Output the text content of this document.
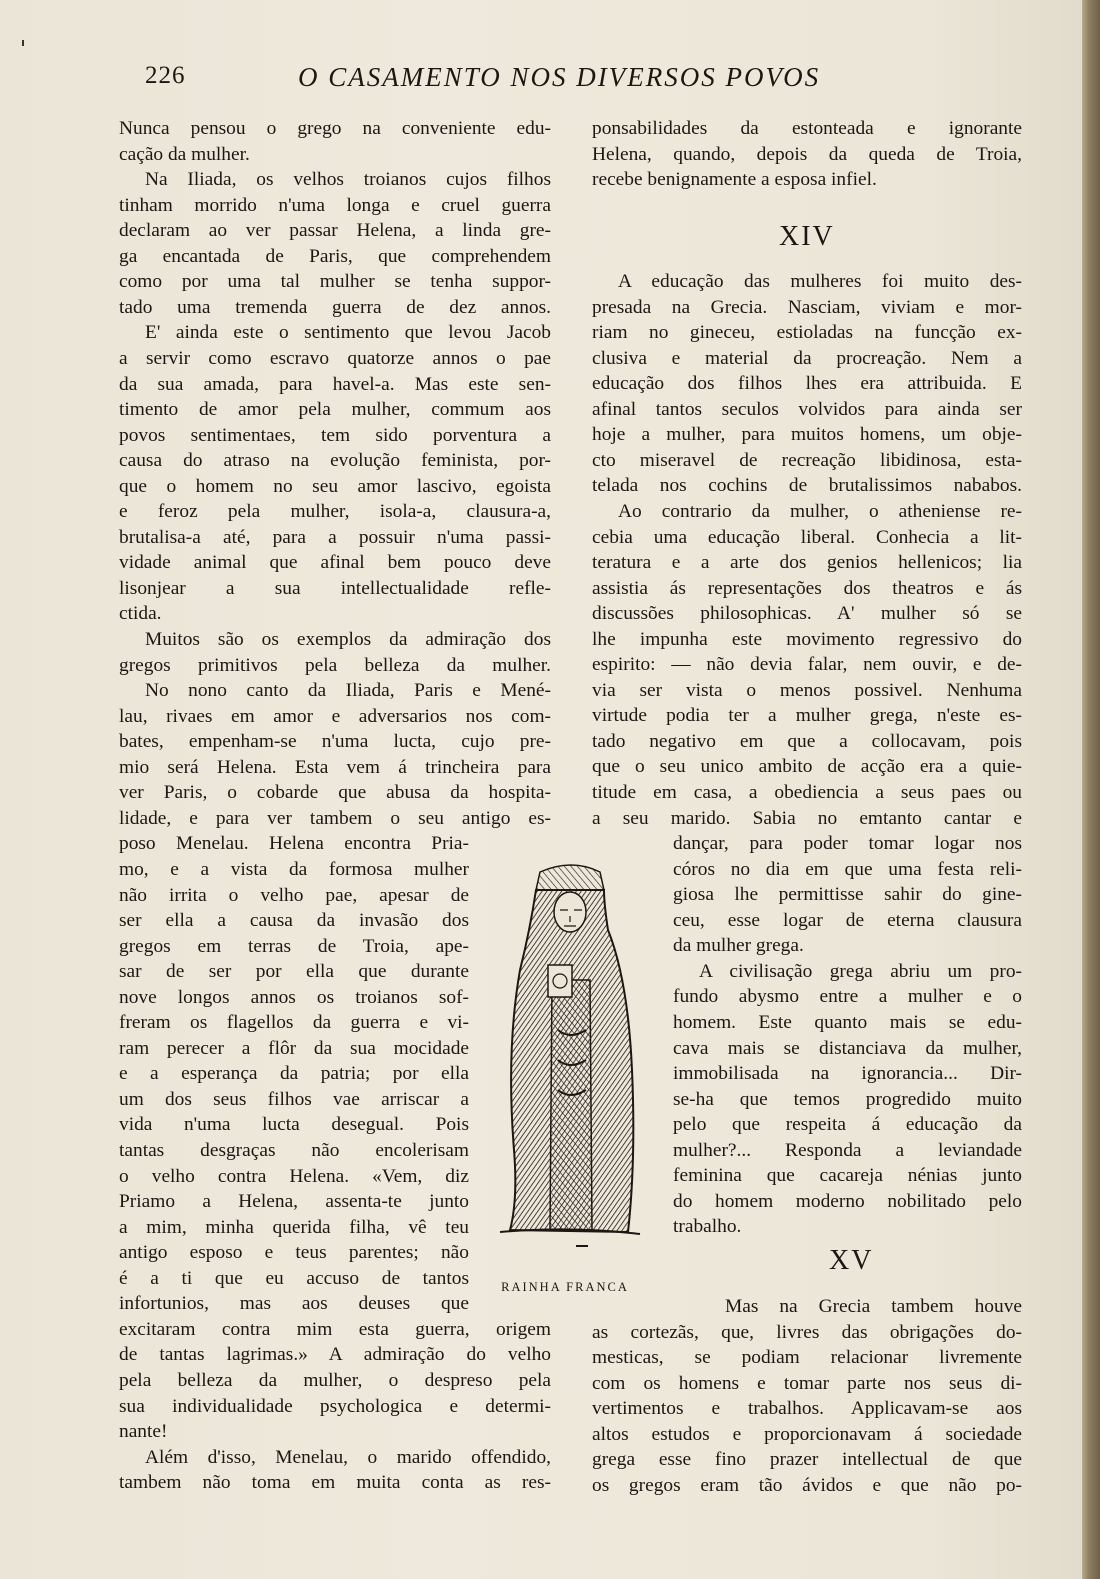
226	O CASAMENTO NOS DIVERSOS POVOS
Nunca pensou o grego na conveniente edu-
cação da mulher.
Na Iliada, os velhos troianos cujos filhos
tinham morrido n'uma longa e cruel guerra
declaram ao ver passar Helena, a linda gre-
ga encantada de Paris, que comprehendem
como por uma tal mulher se tenha suppor-
tado uma tremenda guerra de dez annos.
E' ainda este o sentimento que levou Jacob
a servir como escravo quatorze annos o pae
da sua amada, para havel-a. Mas este sen-
timento de amor pela mulher, commum aos
povos sentimentaes, tem sido porventura a
causa do atraso na evolução feminista, por-
que o homem no seu amor lascivo, egoista
e feroz pela mulher, isola-a, clausura-a,
brutalisa-a até, para a possuir n'uma passi-
vidade animal que afinal bem pouco deve
lisonjear a sua intellectualidade refle-
ctida.
Muitos são os exemplos da admiração dos
gregos primitivos pela belleza da mulher.
No nono canto da Iliada, Paris e Mené-
lau, rivaes em amor e adversarios nos com-
bates, empenham-se n'uma lucta, cujo pre-
mio será Helena. Esta vem á trincheira para
ver Paris, o cobarde que abusa da hospita-
lidade, e para ver tambem o seu antigo es-
poso Menelau. Helena encontra Pria-
mo, e a vista da formosa mulher
não irrita o velho pae, apesar de
ser ella a causa da invasão dos
gregos em terras de Troia, ape-
sar de ser por ella que durante
nove longos annos os troianos sof-
freram os flagellos da guerra e vi-
ram perecer a flôr da sua mocidade
e a esperança da patria; por ella
um dos seus filhos vae arriscar a
vida n'uma lucta desegual. Pois
tantas desgraças não encolerisam
o velho contra Helena. «Vem, diz
Priamo a Helena, assenta-te junto
a mim, minha querida filha, vê teu
antigo esposo e teus parentes; não
é a ti que eu accuso de tantos
infortunios, mas aos deuses que
excitaram contra mim esta guerra, origem
de tantas lagrimas.» A admiração do velho
pela belleza da mulher, o despreso pela
sua individualidade psychologica e determi-
nante!
Além d'isso, Menelau, o marido offendido,
tambem não toma em muita conta as res-
ponsabilidades da estonteada e ignorante
Helena, quando, depois da queda de Troia,
recebe benignamente a esposa infiel.
XIV
A educação das mulheres foi muito des-
presada na Grecia. Nasciam, viviam e mor-
riam no gineceu, estioladas na funcção ex-
clusiva e material da procreação. Nem a
educação dos filhos lhes era attribuida. E
afinal tantos seculos volvidos para ainda ser
hoje a mulher, para muitos homens, um obje-
cto miseravel de recreação libidinosa, esta-
telada nos cochins de brutalissimos nababos.
Ao contrario da mulher, o atheniense re-
cebia uma educação liberal. Conhecia a lit-
teratura e a arte dos genios hellenicos; lia
assistia ás representações dos theatros e ás
discussões philosophicas. A' mulher só se
lhe impunha este movimento regressivo do
espirito: — não devia falar, nem ouvir, e de-
via ser vista o menos possivel. Nenhuma
virtude podia ter a mulher grega, n'este es-
tado negativo em que a collocavam, pois
que o seu unico ambito de acção era a quie-
titude em casa, a obediencia a seus paes ou
a seu marido. Sabia no emtanto cantar e
dançar, para poder tomar logar nos
córos no dia em que uma festa reli-
giosa lhe permittisse sahir do gine-
ceu, esse logar de eterna clausura
da mulher grega.
A civilisação grega abriu um pro-
fundo abysmo entre a mulher e o
homem. Este quanto mais se edu-
cava mais se distanciava da mulher,
immobilisada na ignorancia... Dir-
se-ha que temos progredido muito
pelo que respeita á educação da
mulher?... Responda a leviandade
feminina que cacareja nénias junto
do homem moderno nobilitado pelo
trabalho.
XV
Mas na Grecia tambem houve
as cortezãs, que, livres das obrigações do-
mesticas, se podiam relacionar livremente
com os homens e tomar parte nos seus di-
vertimentos e trabalhos. Applicavam-se aos
altos estudos e proporcionavam á sociedade
grega esse fino prazer intellectual de que
os gregos eram tão ávidos e que não po-
RAINHA FRANCA
